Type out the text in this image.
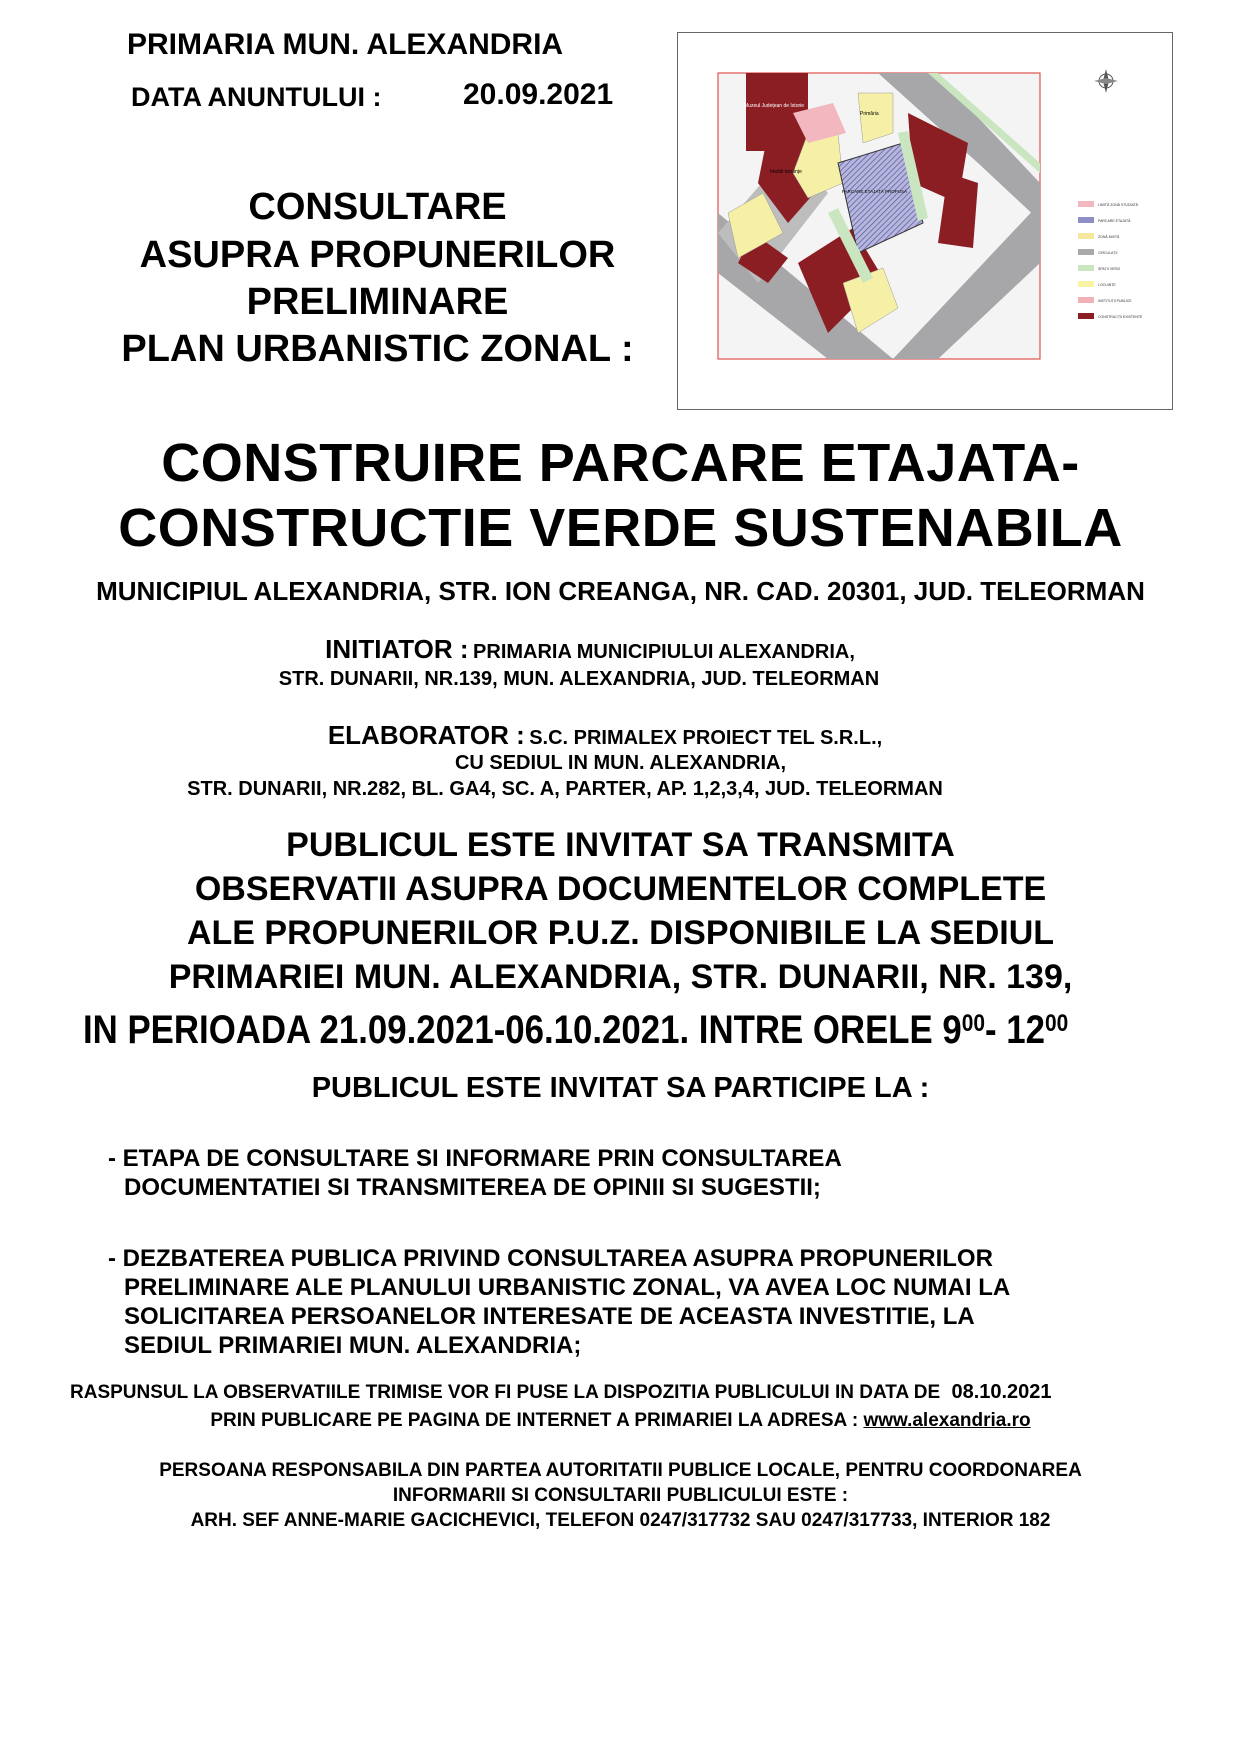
PRIMARIA MUN. ALEXANDRIA
DATA ANUNTULUI :	20.09.2021
CONSULTARE
ASUPRA PROPUNERILOR
PRELIMINARE
PLAN URBANISTIC ZONAL :
Muzeul Județean de Istorie
PARCARE ETAJATĂ PROPUSĂ
Imobil locuințe
Primăria
LIMITĂ ZONĂ STUDIATĂ
PARCARE ETAJATĂ
ZONĂ MIXTĂ
CIRCULAȚII
SPAȚII VERZI
LOCUINȚE
INSTITUȚII PUBLICE
CONSTRUCȚII EXISTENTE
CONSTRUIRE PARCARE ETAJATA-
CONSTRUCTIE VERDE SUSTENABILA
MUNICIPIUL ALEXANDRIA, STR. ION CREANGA, NR. CAD. 20301, JUD. TELEORMAN
INITIATOR : PRIMARIA MUNICIPIULUI ALEXANDRIA,
STR. DUNARII, NR.139, MUN. ALEXANDRIA, JUD. TELEORMAN
ELABORATOR : S.C. PRIMALEX PROIECT TEL S.R.L.,
CU SEDIUL IN MUN. ALEXANDRIA,
STR. DUNARII, NR.282, BL. GA4, SC. A, PARTER, AP. 1,2,3,4, JUD. TELEORMAN
PUBLICUL ESTE INVITAT SA TRANSMITA
OBSERVATII ASUPRA DOCUMENTELOR COMPLETE
ALE PROPUNERILOR P.U.Z. DISPONIBILE LA SEDIUL
PRIMARIEI MUN. ALEXANDRIA, STR. DUNARII, NR. 139,
IN PERIOADA 21.09.2021-06.10.2021. INTRE ORELE $9^{00}-$ $12^{00}$
PUBLICUL ESTE INVITAT SA PARTICIPE LA :
- ETAPA DE CONSULTARE SI INFORMARE PRIN CONSULTAREA
DOCUMENTATIEI SI TRANSMITEREA DE OPINII SI SUGESTII;
- DEZBATEREA PUBLICA PRIVIND CONSULTAREA ASUPRA PROPUNERILOR
PRELIMINARE ALE PLANULUI URBANISTIC ZONAL, VA AVEA LOC NUMAI LA
SOLICITAREA PERSOANELOR INTERESATE DE ACEASTA INVESTITIE, LA
SEDIUL PRIMARIEI MUN. ALEXANDRIA;
RASPUNSUL LA OBSERVATIILE TRIMISE VOR FI PUSE LA DISPOZITIA PUBLICULUI IN DATA DE 08.10.2021
PRIN PUBLICARE PE PAGINA DE INTERNET A PRIMARIEI LA ADRESA : www.alexandria.ro
PERSOANA RESPONSABILA DIN PARTEA AUTORITATII PUBLICE LOCALE, PENTRU COORDONAREA
INFORMARII SI CONSULTARII PUBLICULUI ESTE :
ARH. SEF ANNE-MARIE GACICHEVICI, TELEFON 0247/317732 SAU 0247/317733, INTERIOR 182
